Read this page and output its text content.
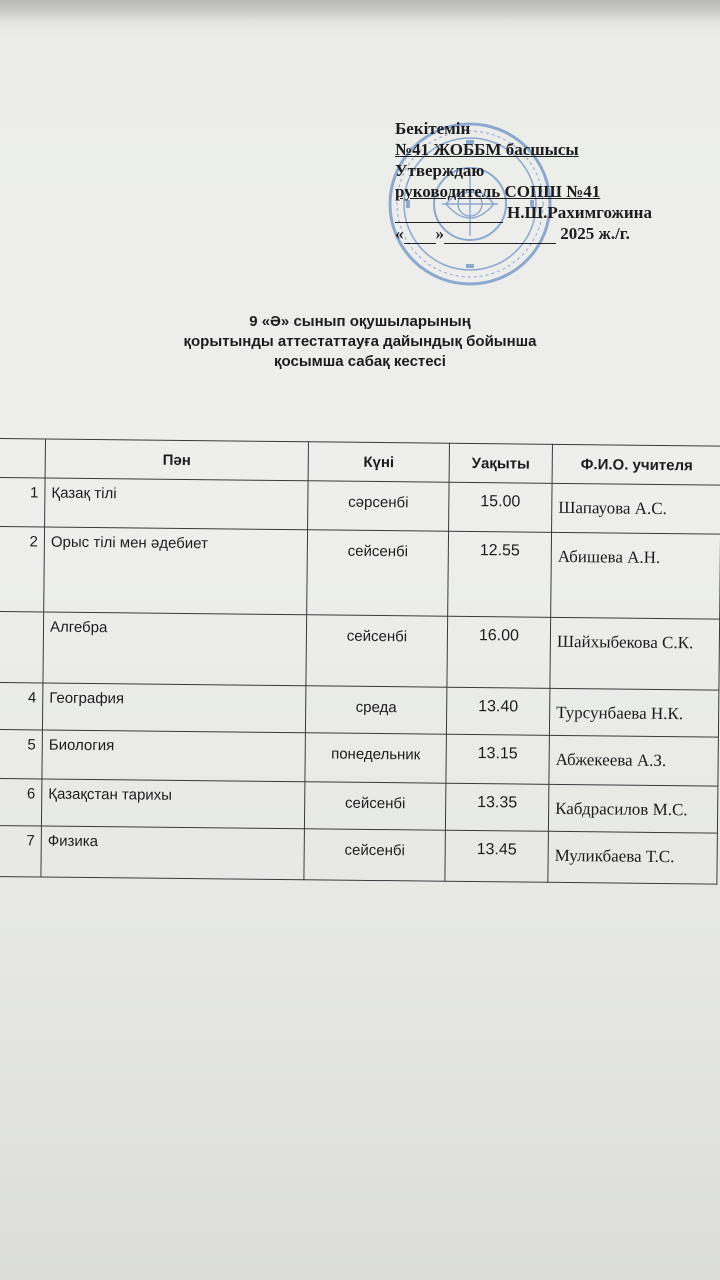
Бекітемін
№41 ЖОББМ басшысы
Утверждаю
руководитель СОПШ №41
Н.Ш.Рахимгожина
« »	2025 ж./г.
9 «Ә» сынып оқушыларының
қорытынды аттестаттауға дайындық бойынша
қосымша сабақ кестесі
	Пән	Күні	Уақыты	Ф.И.О. учителя
1	Қазақ тілі	сәрсенбі	15.00	Шапауова А.С.
2	Орыс тілі мен әдебиет	сейсенбі	12.55	Абишева А.Н.
	Алгебра	сейсенбі	16.00	Шайхыбекова С.К.
4	География	среда	13.40	Турсунбаева Н.К.
5	Биология	понедельник	13.15	Абжекеева А.З.
6	Қазақстан тарихы	сейсенбі	13.35	Кабдрасилов М.С.
7	Физика	сейсенбі	13.45	Муликбаева Т.С.
